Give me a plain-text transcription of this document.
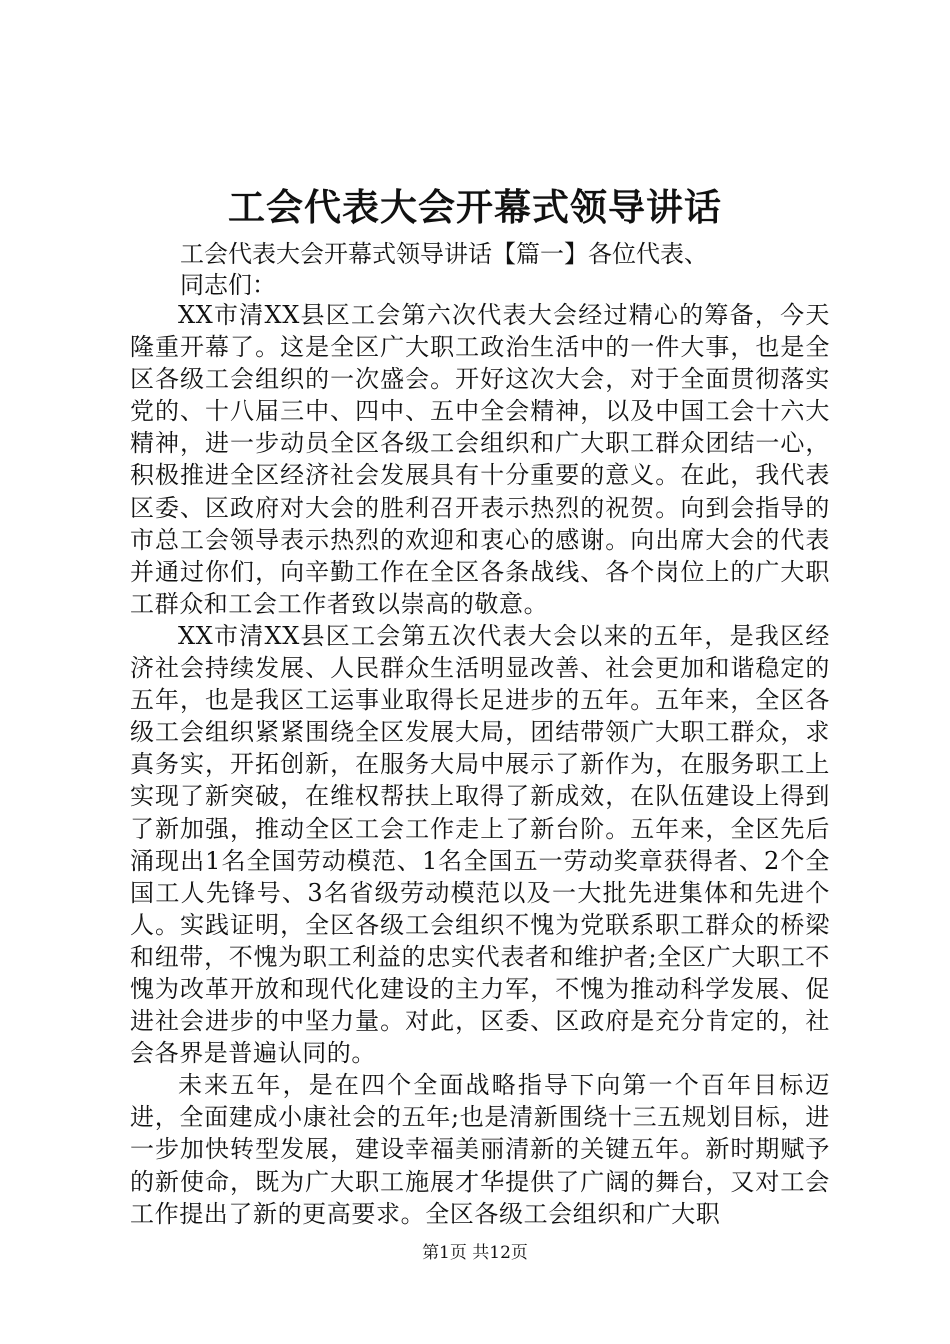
工会代表大会开幕式领导讲话
工会代表大会开幕式领导讲话【篇一】各位代表、
同志们：

XX市清XX县区工会第六次代表大会经过精心的筹备，今天隆重开幕了。这是全区广大职工政治生活中的一件大事，也是全区各级工会组织的一次盛会。开好这次大会，对于全面贯彻落实党的、十八届三中、四中、五中全会精神，以及中国工会十六大精神，进一步动员全区各级工会组织和广大职工群众团结一心，积极推进全区经济社会发展具有十分重要的意义。在此，我代表区委、区政府对大会的胜利召开表示热烈的祝贺。向到会指导的市总工会领导表示热烈的欢迎和衷心的感谢。向出席大会的代表并通过你们，向辛勤工作在全区各条战线、各个岗位上的广大职工群众和工会工作者致以崇高的敬意。

XX市清XX县区工会第五次代表大会以来的五年，是我区经济社会持续发展、人民群众生活明显改善、社会更加和谐稳定的五年，也是我区工运事业取得长足进步的五年。五年来，全区各级工会组织紧紧围绕全区发展大局，团结带领广大职工群众，求真务实，开拓创新，在服务大局中展示了新作为，在服务职工上实现了新突破，在维权帮扶上取得了新成效，在队伍建设上得到了新加强，推动全区工会工作走上了新台阶。五年来，全区先后涌现出1名全国劳动模范、1名全国五一劳动奖章获得者、2个全国工人先锋号、3名省级劳动模范以及一大批先进集体和先进个人。实践证明，全区各级工会组织不愧为党联系职工群众的桥梁和纽带，不愧为职工利益的忠实代表者和维护者;全区广大职工不愧为改革开放和现代化建设的主力军，不愧为推动科学发展、促进社会进步的中坚力量。对此，区委、区政府是充分肯定的，社会各界是普遍认同的。

未来五年，是在四个全面战略指导下向第一个百年目标迈进，全面建成小康社会的五年;也是清新围绕十三五规划目标，进一步加快转型发展，建设幸福美丽清新的关键五年。新时期赋予的新使命，既为广大职工施展才华提供了广阔的舞台，又对工会工作提出了新的更高要求。全区各级工会组织和广大职

第1页 共12页
